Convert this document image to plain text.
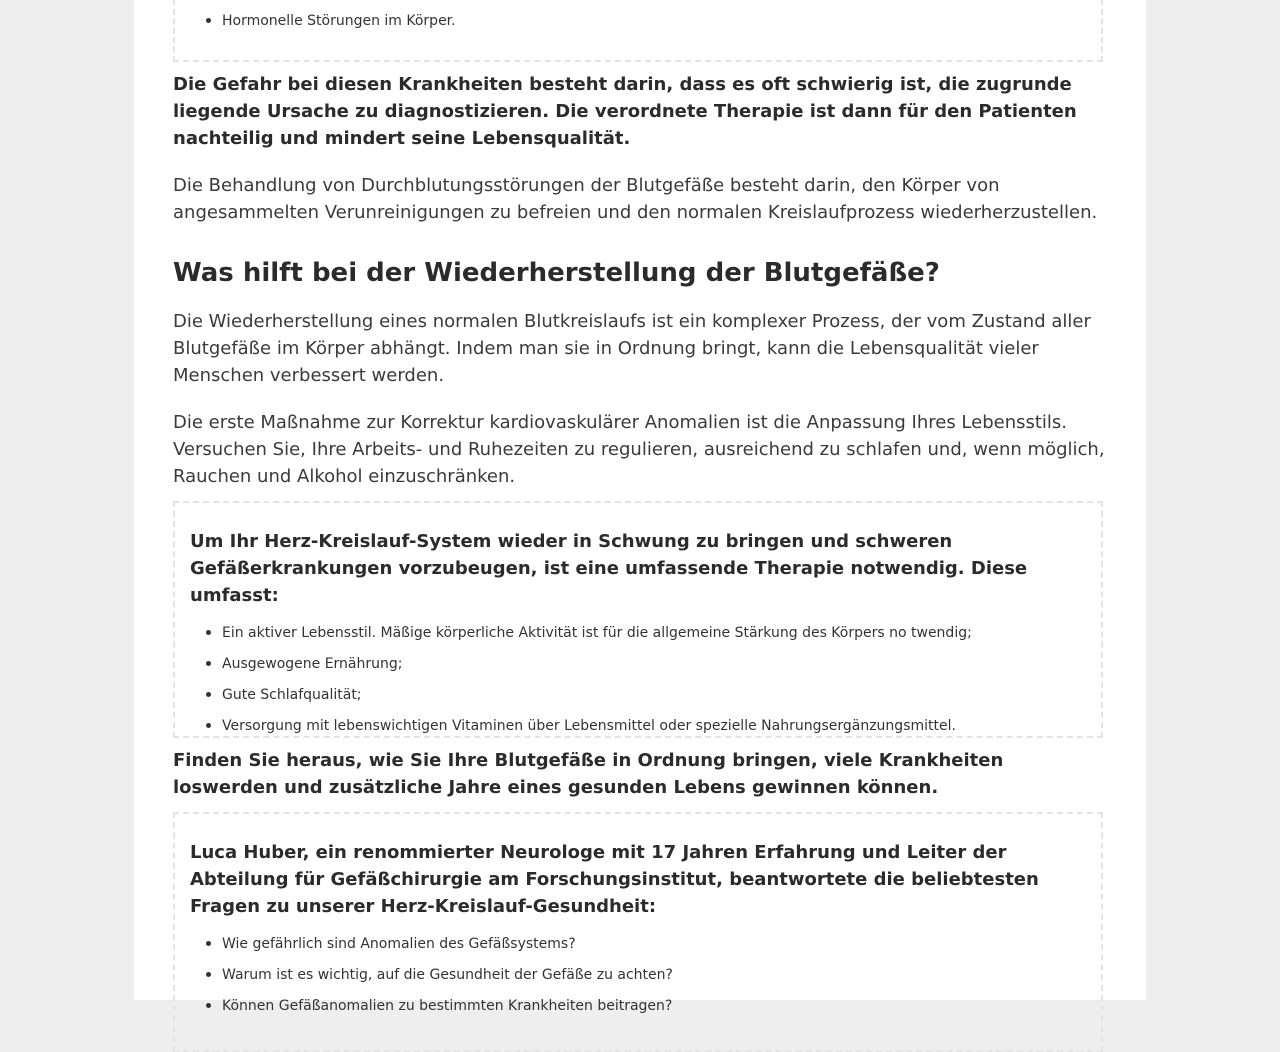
• Hormonelle Störungen im Körper.

Die Gefahr bei diesen Krankheiten besteht darin, dass es oft schwierig ist, die zugrunde liegende Ursache zu diagnostizieren. Die verordnete Therapie ist dann für den Patienten nachteilig und mindert seine Lebensqualität.

Die Behandlung von Durchblutungsstörungen der Blutgefäße besteht darin, den Körper von angesammelten Verunreinigungen zu befreien und den normalen Kreislaufprozess wiederherzustellen.

Was hilft bei der Wiederherstellung der Blutgefäße?

Die Wiederherstellung eines normalen Blutkreislaufs ist ein komplexer Prozess, der vom Zustand aller Blutgefäße im Körper abhängt. Indem man sie in Ordnung bringt, kann die Lebensqualität vieler Menschen verbessert werden.

Die erste Maßnahme zur Korrektur kardiovaskulärer Anomalien ist die Anpassung Ihres Lebensstils. Versuchen Sie, Ihre Arbeits- und Ruhezeiten zu regulieren, ausreichend zu schlafen und, wenn möglich, Rauchen und Alkohol einzuschränken.

Um Ihr Herz-Kreislauf-System wieder in Schwung zu bringen und schweren Gefäßerkrankungen vorzubeugen, ist eine umfassende Therapie notwendig. Diese umfasst:

• Ein aktiver Lebensstil. Mäßige körperliche Aktivität ist für die allgemeine Stärkung des Körpers no twendig;
• Ausgewogene Ernährung;
• Gute Schlafqualität;
• Versorgung mit lebenswichtigen Vitaminen über Lebensmittel oder spezielle Nahrungsergänzungsmittel.

Finden Sie heraus, wie Sie Ihre Blutgefäße in Ordnung bringen, viele Krankheiten loswerden und zusätzliche Jahre eines gesunden Lebens gewinnen können.

Luca Huber, ein renommierter Neurologe mit 17 Jahren Erfahrung und Leiter der Abteilung für Gefäßchirurgie am Forschungsinstitut, beantwortete die beliebtesten Fragen zu unserer Herz-Kreislauf-Gesundheit:

• Wie gefährlich sind Anomalien des Gefäßsystems?
• Warum ist es wichtig, auf die Gesundheit der Gefäße zu achten?
• Können Gefäßanomalien zu bestimmten Krankheiten beitragen?
